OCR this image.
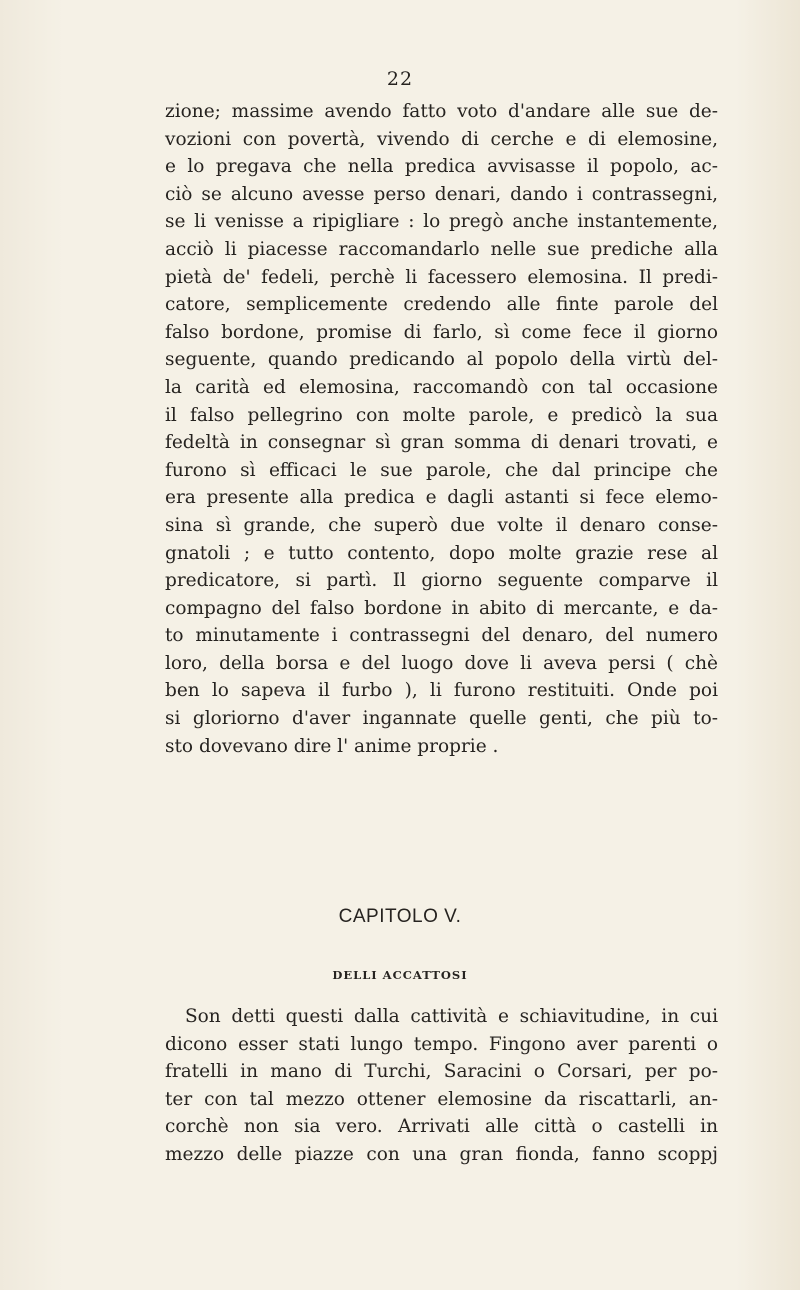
22
zione; massime avendo fatto voto d'andare alle sue de-
vozioni con povertà, vivendo di cerche e di elemosine,
e lo pregava che nella predica avvisasse il popolo, ac-
ciò se alcuno avesse perso denari, dando i contrassegni,
se li venisse a ripigliare : lo pregò anche instantemente,
acciò li piacesse raccomandarlo nelle sue prediche alla
pietà de' fedeli, perchè li facessero elemosina. Il predi-
catore, semplicemente credendo alle finte parole del
falso bordone, promise di farlo, sì come fece il giorno
seguente, quando predicando al popolo della virtù del-
la carità ed elemosina, raccomandò con tal occasione
il falso pellegrino con molte parole, e predicò la sua
fedeltà in consegnar sì gran somma di denari trovati, e
furono sì efficaci le sue parole, che dal principe che
era presente alla predica e dagli astanti si fece elemo-
sina sì grande, che superò due volte il denaro conse-
gnatoli ; e tutto contento, dopo molte grazie rese al
predicatore, si partì. Il giorno seguente comparve il
compagno del falso bordone in abito di mercante, e da-
to minutamente i contrassegni del denaro, del numero
loro, della borsa e del luogo dove li aveva persi ( chè
ben lo sapeva il furbo ), li furono restituiti. Onde poi
si gloriorno d'aver ingannate quelle genti, che più to-
sto dovevano dire l' anime proprie .
CAPITOLO V.
DELLI ACCATTOSI
Son detti questi dalla cattività e schiavitudine, in cui
dicono esser stati lungo tempo. Fingono aver parenti o
fratelli in mano di Turchi, Saracini o Corsari, per po-
ter con tal mezzo ottener elemosine da riscattarli, an-
corchè non sia vero. Arrivati alle città o castelli in
mezzo delle piazze con una gran fionda, fanno scoppj
